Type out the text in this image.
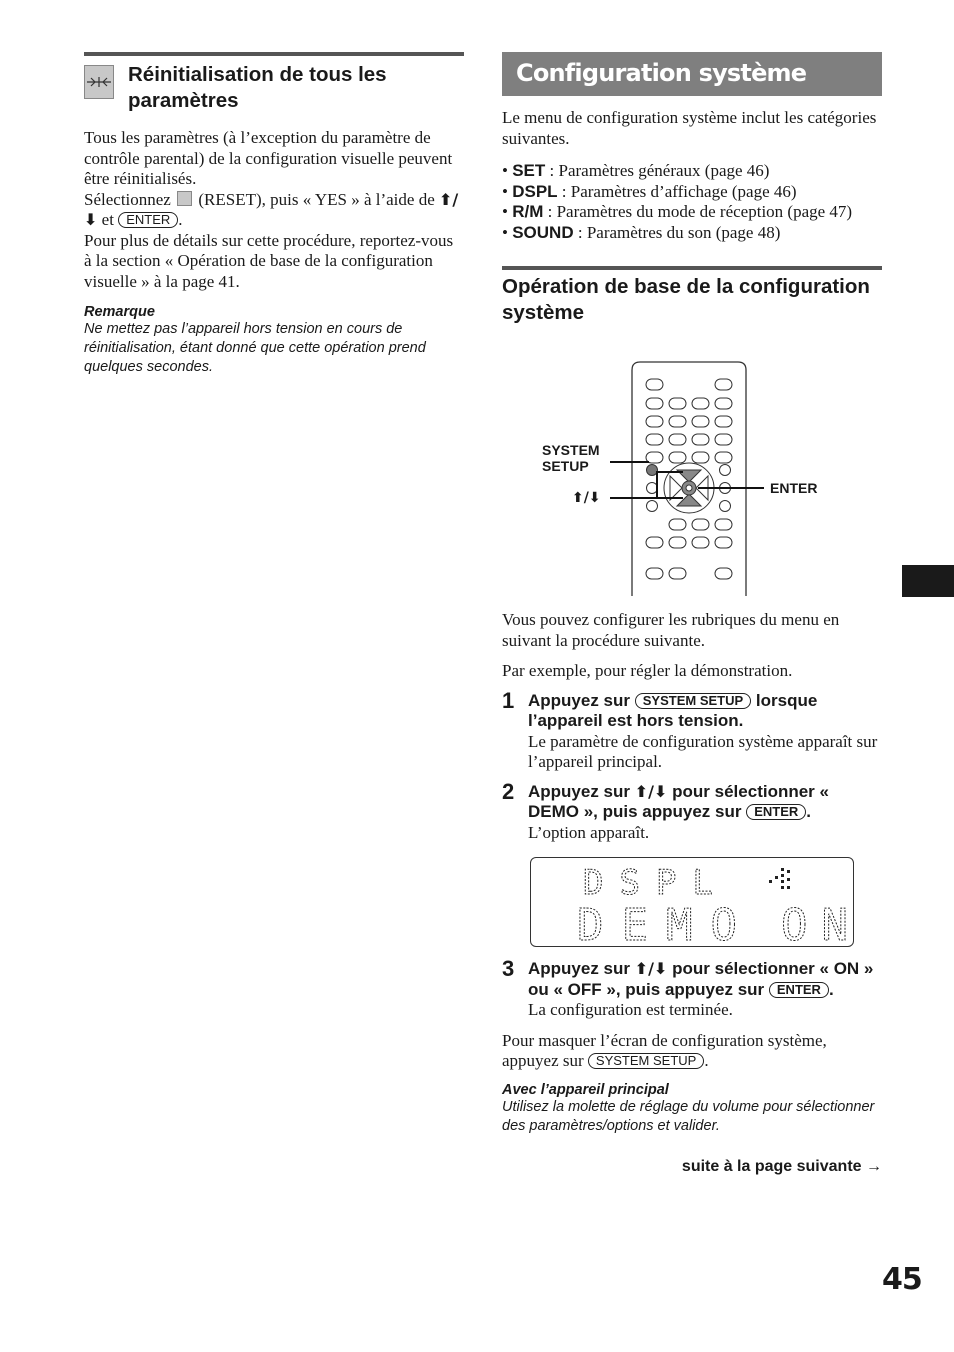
Réinitialisation de tous les paramètres
Tous les paramètres (à l’exception du paramètre de contrôle parental) de la configuration visuelle peuvent être réinitialisés.
Sélectionnez (RESET), puis « YES » à l’aide de ⬆/⬇ et ENTER .
Pour plus de détails sur cette procédure, reportez-vous à la section « Opération de base de la configuration visuelle » à la page 41.
Remarque
Ne mettez pas l’appareil hors tension en cours de réinitialisation, étant donné que cette opération prend quelques secondes.
Configuration système
Le menu de configuration système inclut les catégories suivantes.
• SET : Paramètres généraux (page 46)
• DSPL : Paramètres d’affichage (page 46)
• R/M : Paramètres du mode de réception (page 47)
• SOUND : Paramètres du son (page 48)
Opération de base de la configuration système
SYSTEM
SETUP
⬆/⬇
ENTER
Vous pouvez configurer les rubriques du menu en suivant la procédure suivante.
Par exemple, pour régler la démonstration.
1 Appuyez sur SYSTEM SETUP lorsque l’appareil est hors tension.
Le paramètre de configuration système apparaît sur l’appareil principal.
2 Appuyez sur ⬆/⬇ pour sélectionner « DEMO », puis appuyez sur ENTER .
L’option apparaît.
DSPL
DEMO ON
3 Appuyez sur ⬆/⬇ pour sélectionner « ON » ou « OFF », puis appuyez sur ENTER .
La configuration est terminée.
Pour masquer l’écran de configuration système, appuyez sur SYSTEM SETUP .
Avec l’appareil principal
Utilisez la molette de réglage du volume pour sélectionner des paramètres/options et valider.
suite à la page suivante →
45
